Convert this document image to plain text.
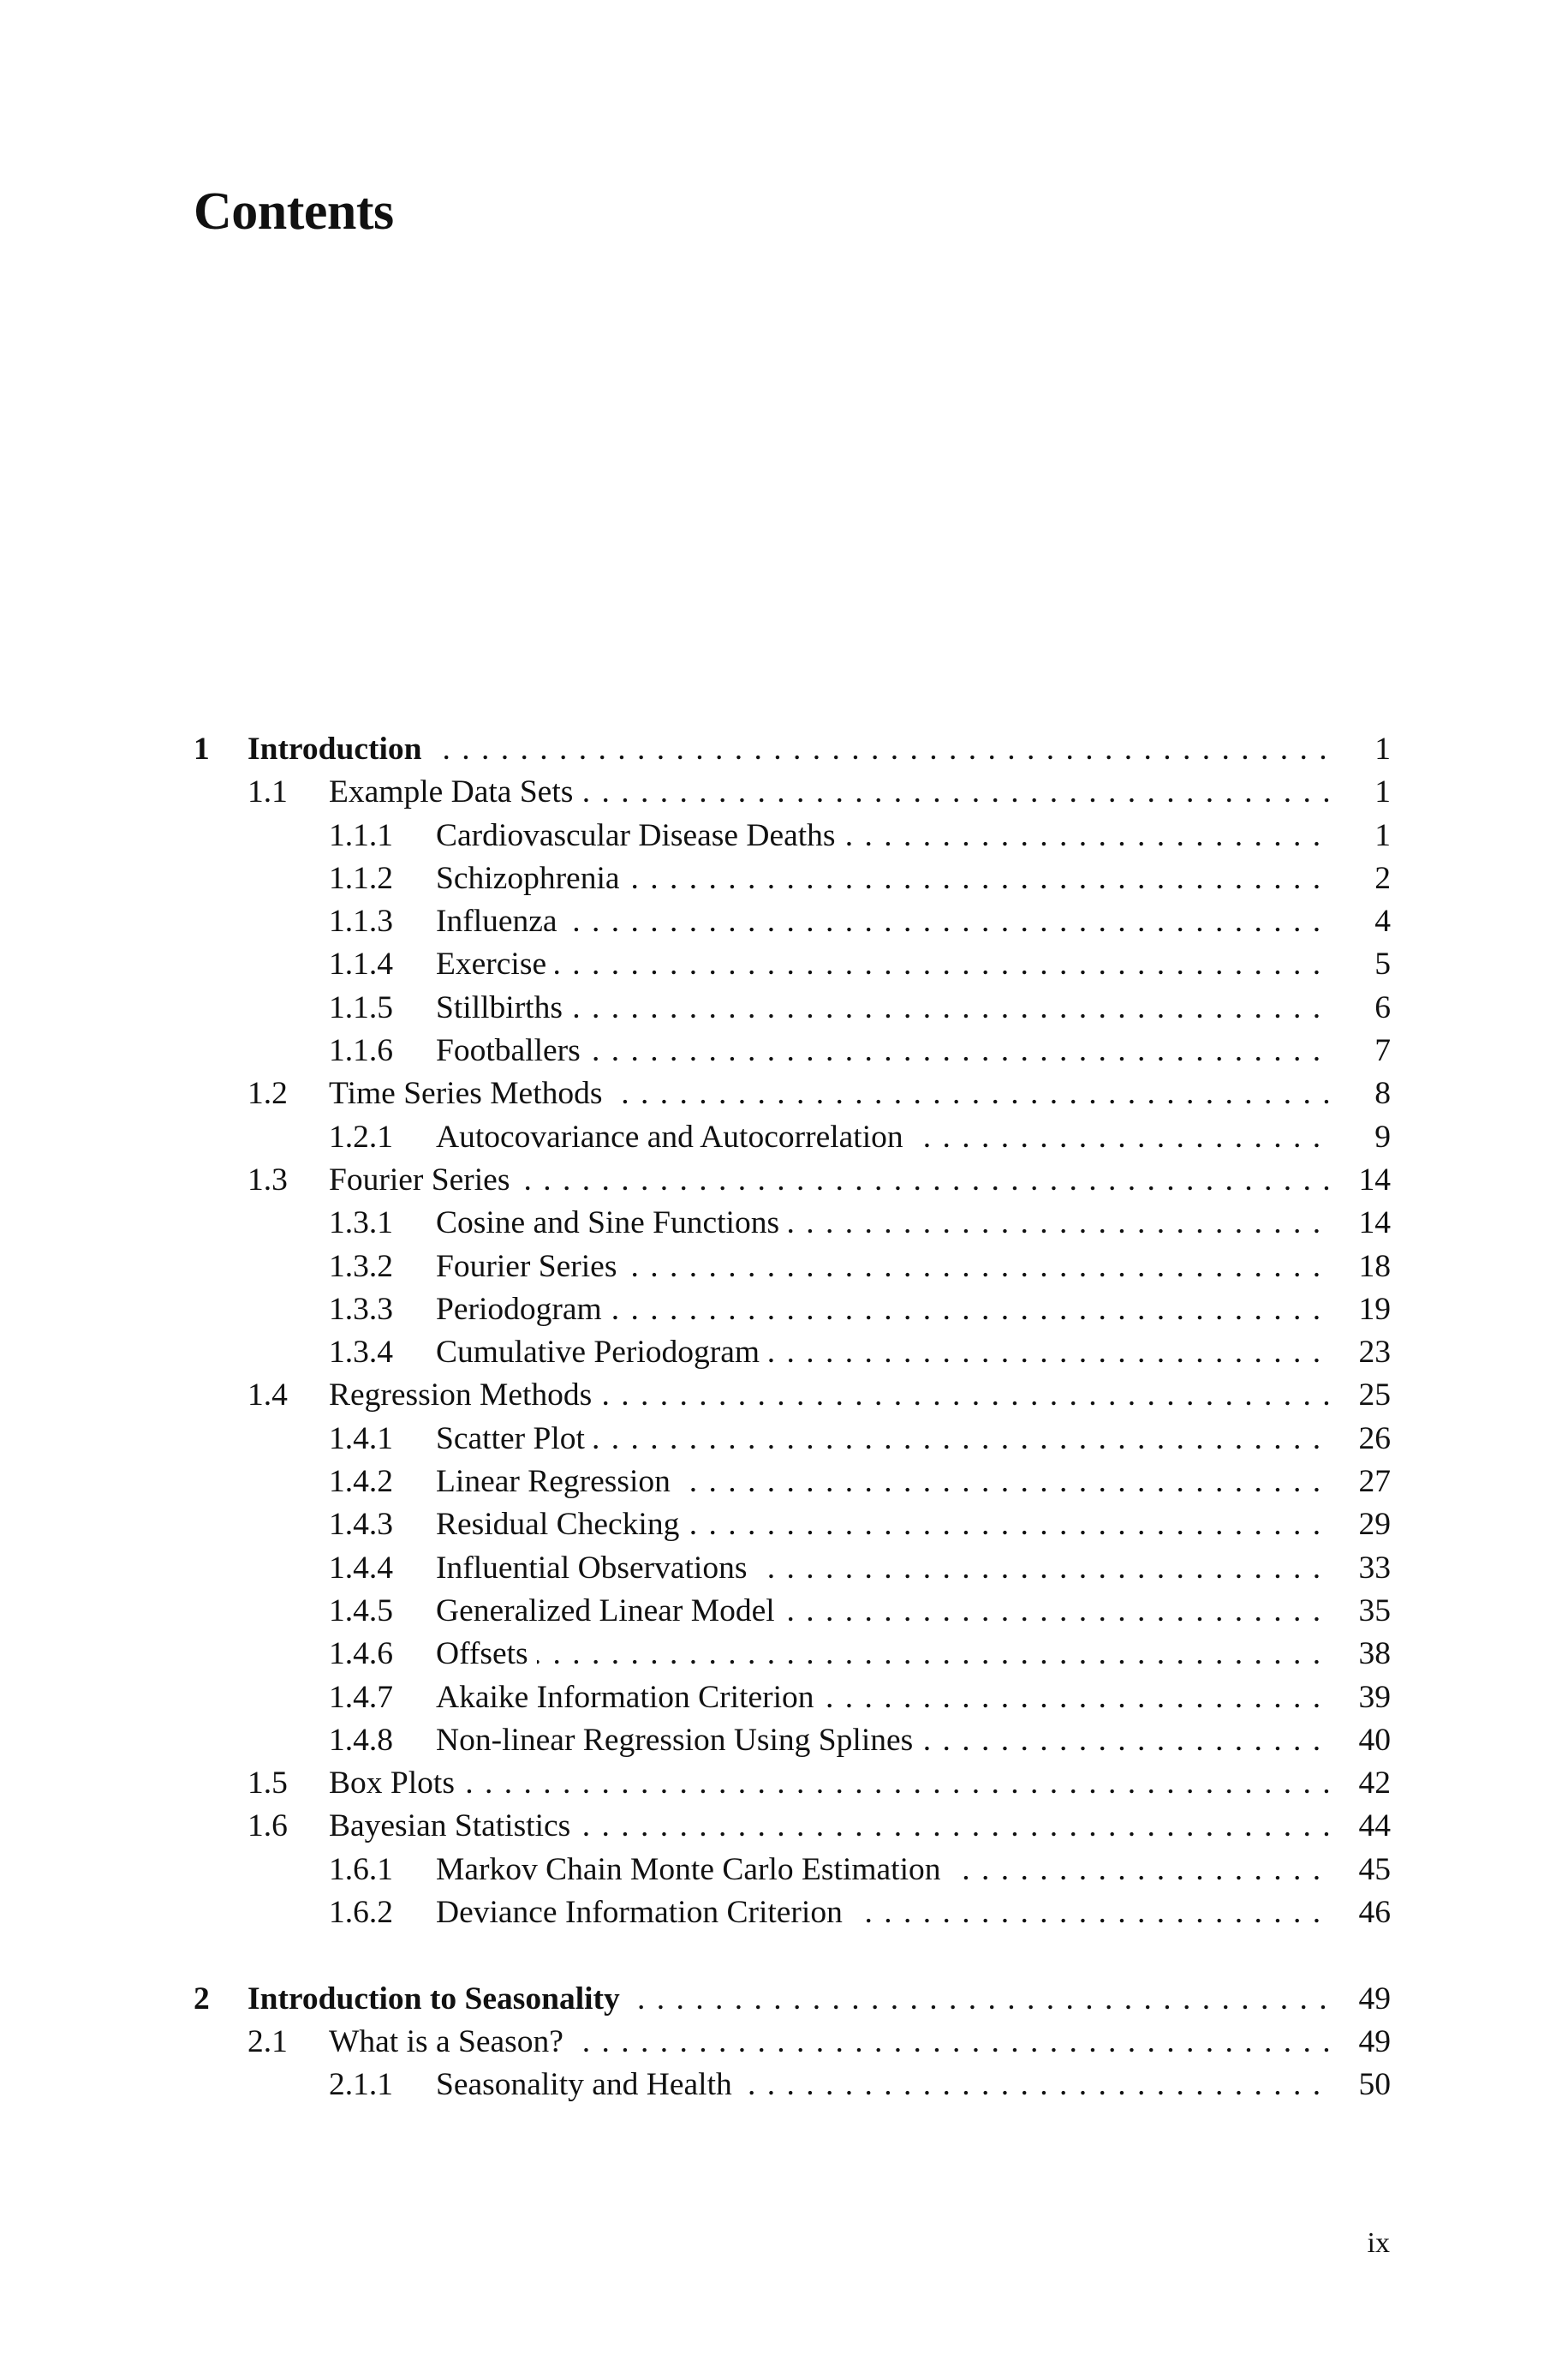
Contents
1 Introduction . . .	1
1.1 Example Data Sets . . .	1
1.1.1 Cardiovascular Disease Deaths . . .	1
1.1.2 Schizophrenia . . .	2
1.1.3 Influenza . . .	4
1.1.4 Exercise . . .	5
1.1.5 Stillbirths . . .	6
1.1.6 Footballers . . .	7
1.2 Time Series Methods . . .	8
1.2.1 Autocovariance and Autocorrelation . . .	9
1.3 Fourier Series . . .	14
1.3.1 Cosine and Sine Functions . . .	14
1.3.2 Fourier Series . . .	18
1.3.3 Periodogram . . .	19
1.3.4 Cumulative Periodogram . . .	23
1.4 Regression Methods . . .	25
1.4.1 Scatter Plot . . .	26
1.4.2 Linear Regression . . .	27
1.4.3 Residual Checking . . .	29
1.4.4 Influential Observations . . .	33
1.4.5 Generalized Linear Model . . .	35
1.4.6 Offsets . . .	38
1.4.7 Akaike Information Criterion . . .	39
1.4.8 Non-linear Regression Using Splines . . .	40
1.5 Box Plots . . .	42
1.6 Bayesian Statistics . . .	44
1.6.1 Markov Chain Monte Carlo Estimation . . .	45
1.6.2 Deviance Information Criterion . . .	46
2 Introduction to Seasonality . . .	49
2.1 What is a Season? . . .	49
2.1.1 Seasonality and Health . . .	50
ix
